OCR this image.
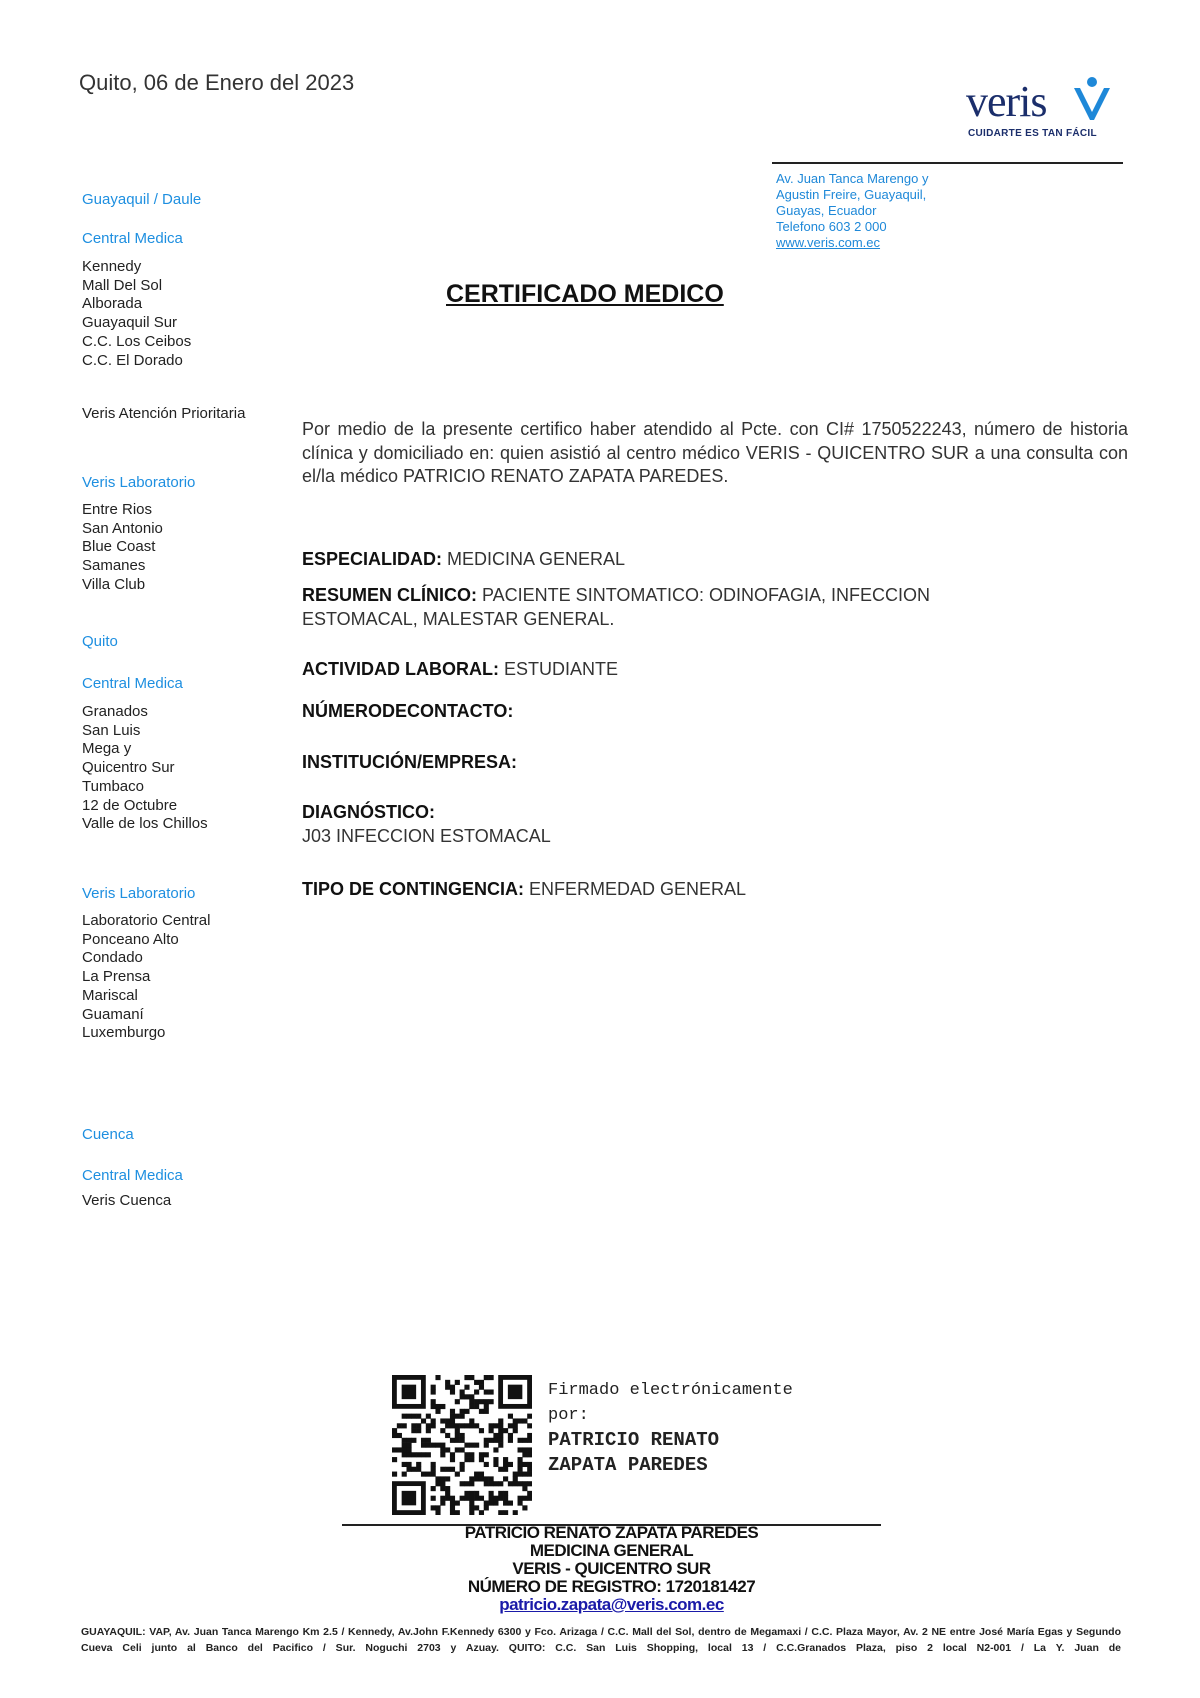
Quito, 06 de Enero del 2023	veris
CUIDARTE ES TAN FÁCIL
Av. Juan Tanca Marengo y
Agustin Freire, Guayaquil,
Guayas, Ecuador
Telefono 603 2 000
www.veris.com.ec
Guayaquil / Daule
Central Medica
Kennedy
Mall Del Sol
Alborada
Guayaquil Sur
C.C. Los Ceibos
C.C. El Dorado
Veris Atención Prioritaria
Veris Laboratorio
Entre Rios
San Antonio
Blue Coast
Samanes
Villa Club
Quito
Central Medica
Granados
San Luis
Mega y
Quicentro Sur
Tumbaco
12 de Octubre
Valle de los Chillos
Veris Laboratorio
Laboratorio Central
Ponceano Alto
Condado
La Prensa
Mariscal
Guamaní
Luxemburgo
Cuenca
Central Medica
Veris Cuenca
CERTIFICADO MEDICO
Por medio de la presente certifico haber atendido al Pcte. con CI# 1750522243, número de historia clínica y domiciliado en: quien asistió al centro médico VERIS - QUICENTRO SUR a una consulta con el/la médico PATRICIO RENATO ZAPATA PAREDES.
ESPECIALIDAD: MEDICINA GENERAL
RESUMEN CLÍNICO: PACIENTE SINTOMATICO: ODINOFAGIA, INFECCION ESTOMACAL, MALESTAR GENERAL.
ACTIVIDAD LABORAL: ESTUDIANTE
NÚMERODECONTACTO:
INSTITUCIÓN/EMPRESA:
DIAGNÓSTICO:
J03 INFECCION ESTOMACAL
TIPO DE CONTINGENCIA: ENFERMEDAD GENERAL
Firmado electrónicamente
por:
PATRICIO RENATO
ZAPATA PAREDES
PATRICIO RENATO ZAPATA PAREDES
MEDICINA GENERAL
VERIS - QUICENTRO SUR
NÚMERO DE REGISTRO: 1720181427
patricio.zapata@veris.com.ec
GUAYAQUIL: VAP, Av. Juan Tanca Marengo Km 2.5 / Kennedy, Av.John F.Kennedy 6300 y Fco. Arizaga / C.C. Mall del Sol, dentro de Megamaxi / C.C. Plaza Mayor, Av. 2 NE entre José María Egas y Segundo Cueva Celi junto al Banco del Pacifico / Sur. Noguchi 2703 y Azuay. QUITO: C.C. San Luis Shopping, local 13 / C.C.Granados Plaza, piso 2 local N2-001 / La Y. Juan de
